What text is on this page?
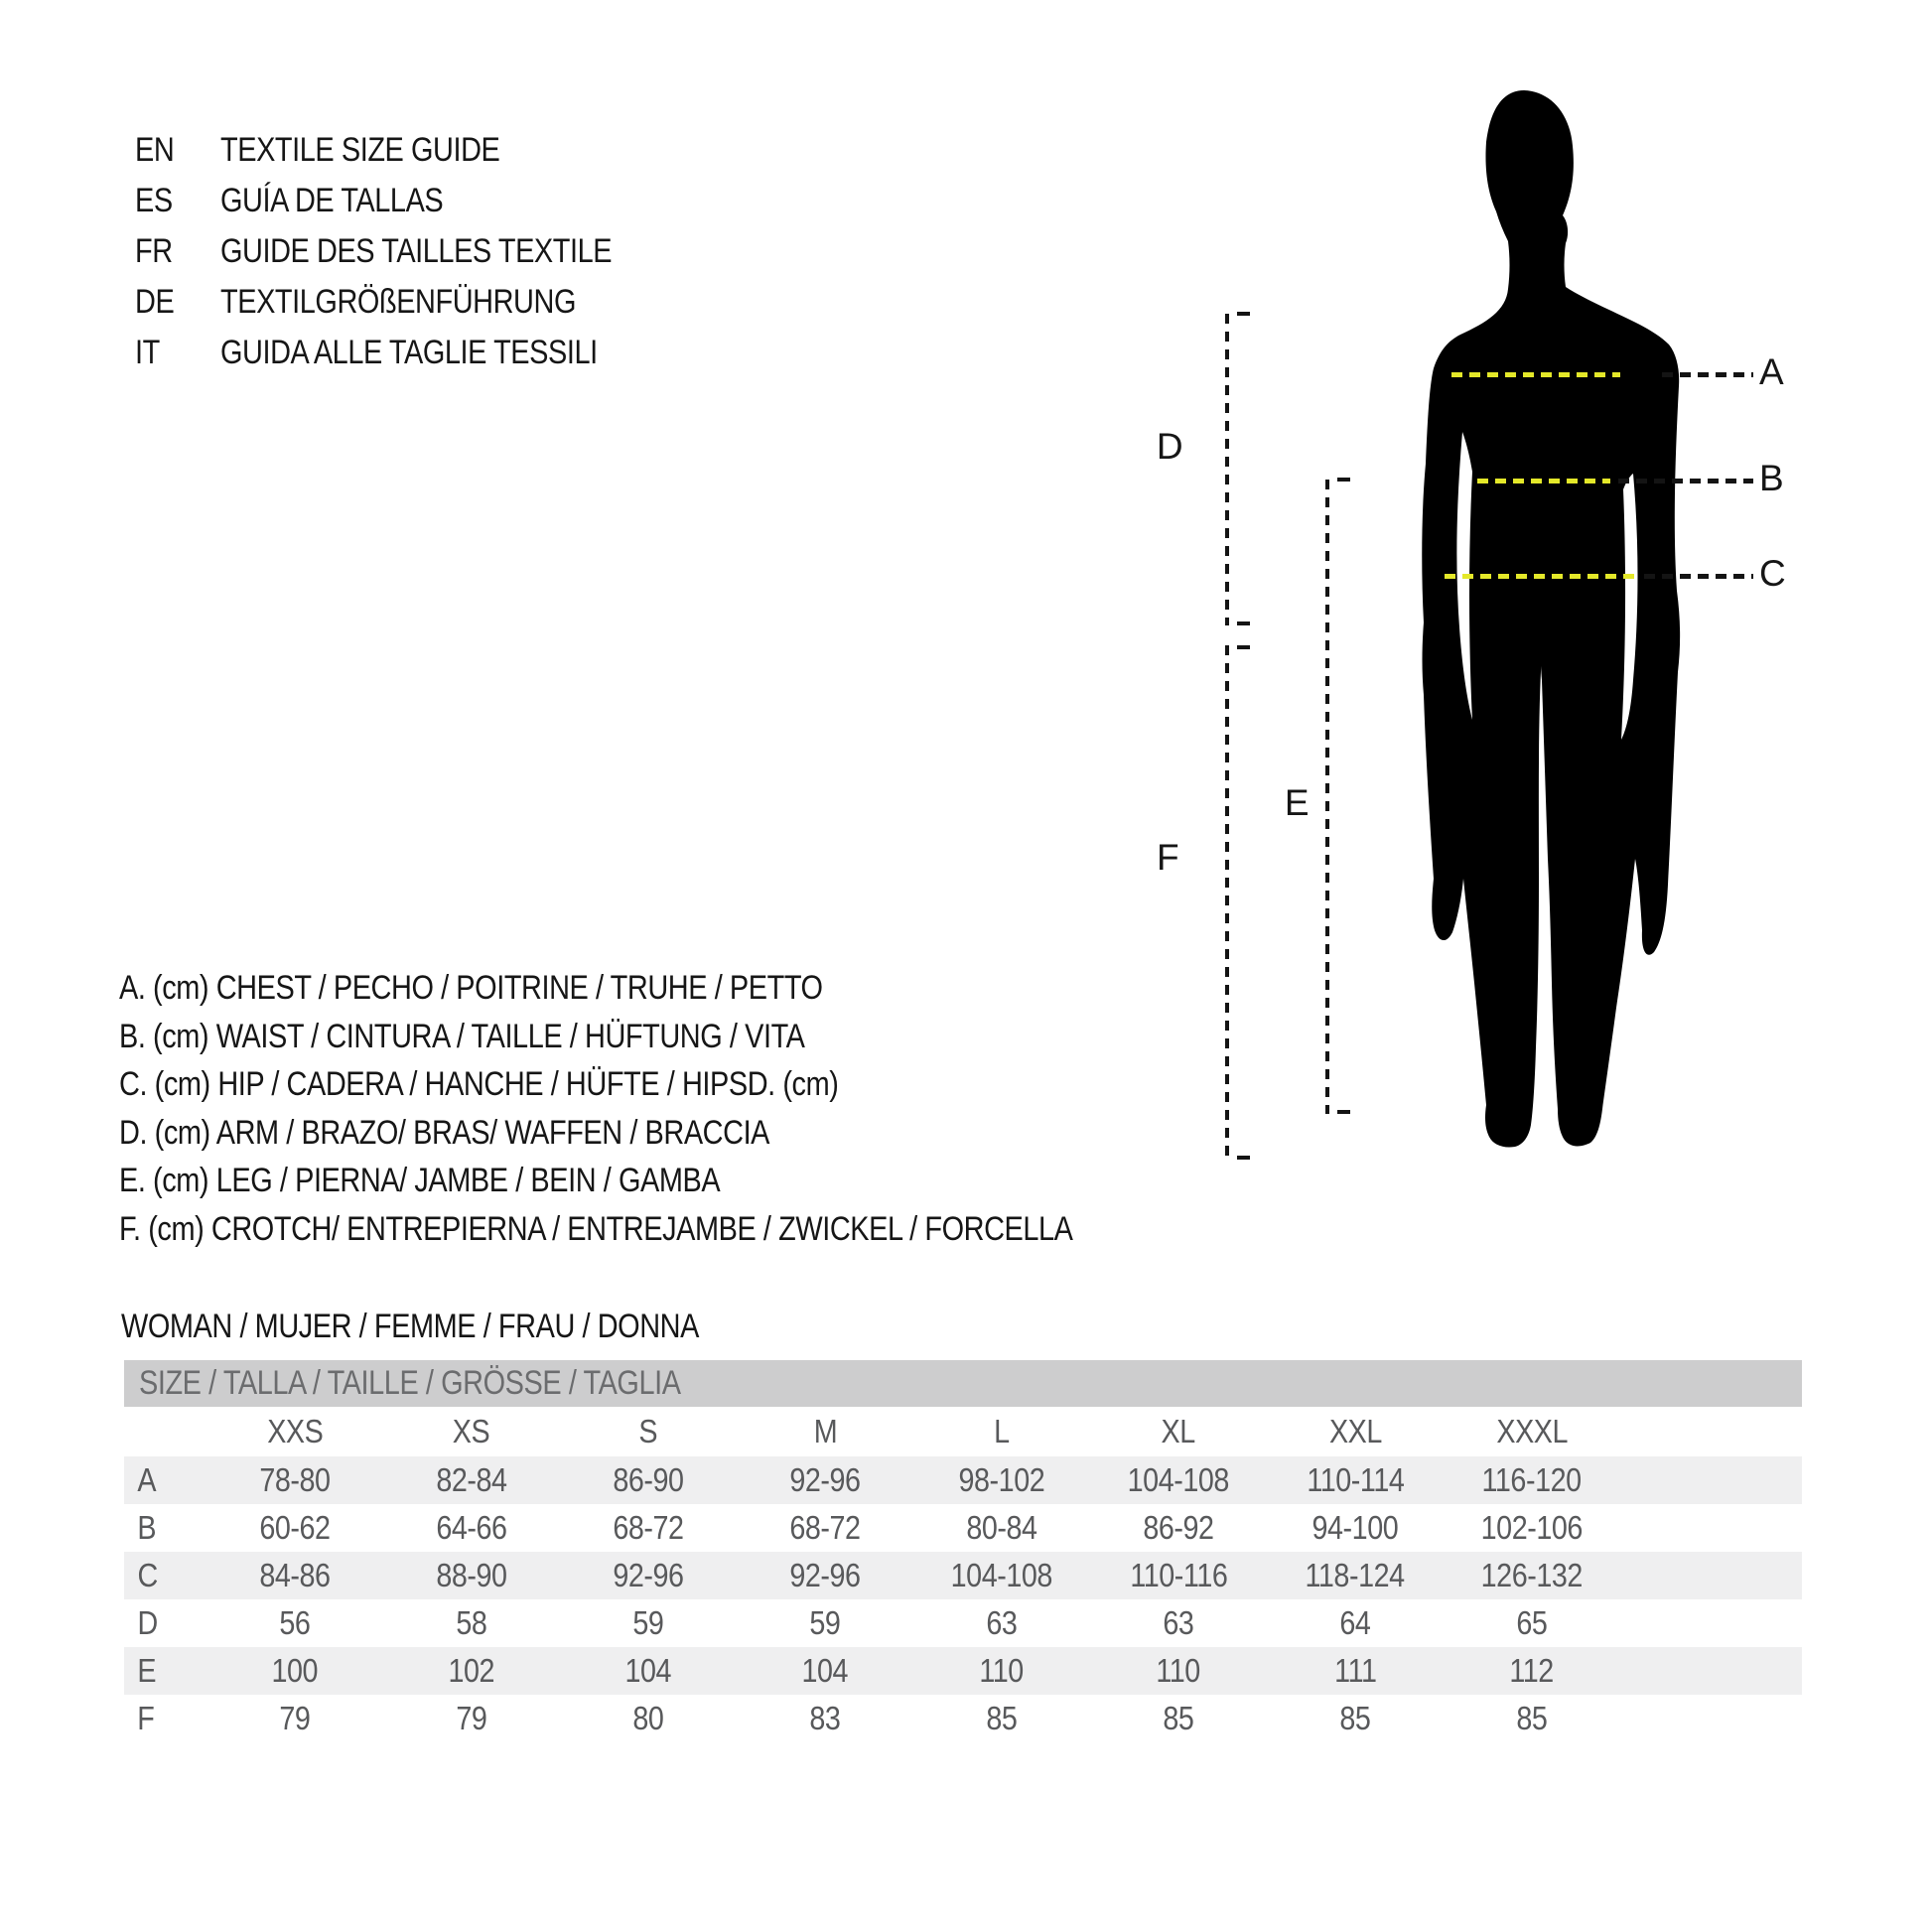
EN	TEXTILE SIZE GUIDE
ES	GUÍA DE TALLAS
FR	GUIDE DES TAILLES TEXTILE
DE	TEXTILGRÖßENFÜHRUNG
IT	GUIDA ALLE TAGLIE TESSILI	A
B
C
D
F
E
A. (cm) CHEST / PECHO / POITRINE / TRUHE / PETTO
B. (cm) WAIST / CINTURA / TAILLE / HÜFTUNG / VITA
C. (cm) HIP / CADERA / HANCHE / HÜFTE / HIPSD. (cm)
D. (cm) ARM / BRAZO/ BRAS/ WAFFEN / BRACCIA
E. (cm) LEG / PIERNA/ JAMBE / BEIN / GAMBA
F. (cm) CROTCH/ ENTREPIERNA / ENTREJAMBE / ZWICKEL / FORCELLA
WOMAN / MUJER / FEMME / FRAU / DONNA
SIZE / TALLA / TAILLE / GRÖSSE / TAGLIA
XXS	XS	S	M	L	XL	XXL	XXXL
A	78-80	82-84	86-90	92-96	98-102	104-108	110-114	116-120
B	60-62	64-66	68-72	68-72	80-84	86-92	94-100	102-106
C	84-86	88-90	92-96	92-96	104-108	110-116	118-124	126-132
D	56	58	59	59	63	63	64	65
E	100	102	104	104	110	110	111	112
F	79	79	80	83	85	85	85	85
